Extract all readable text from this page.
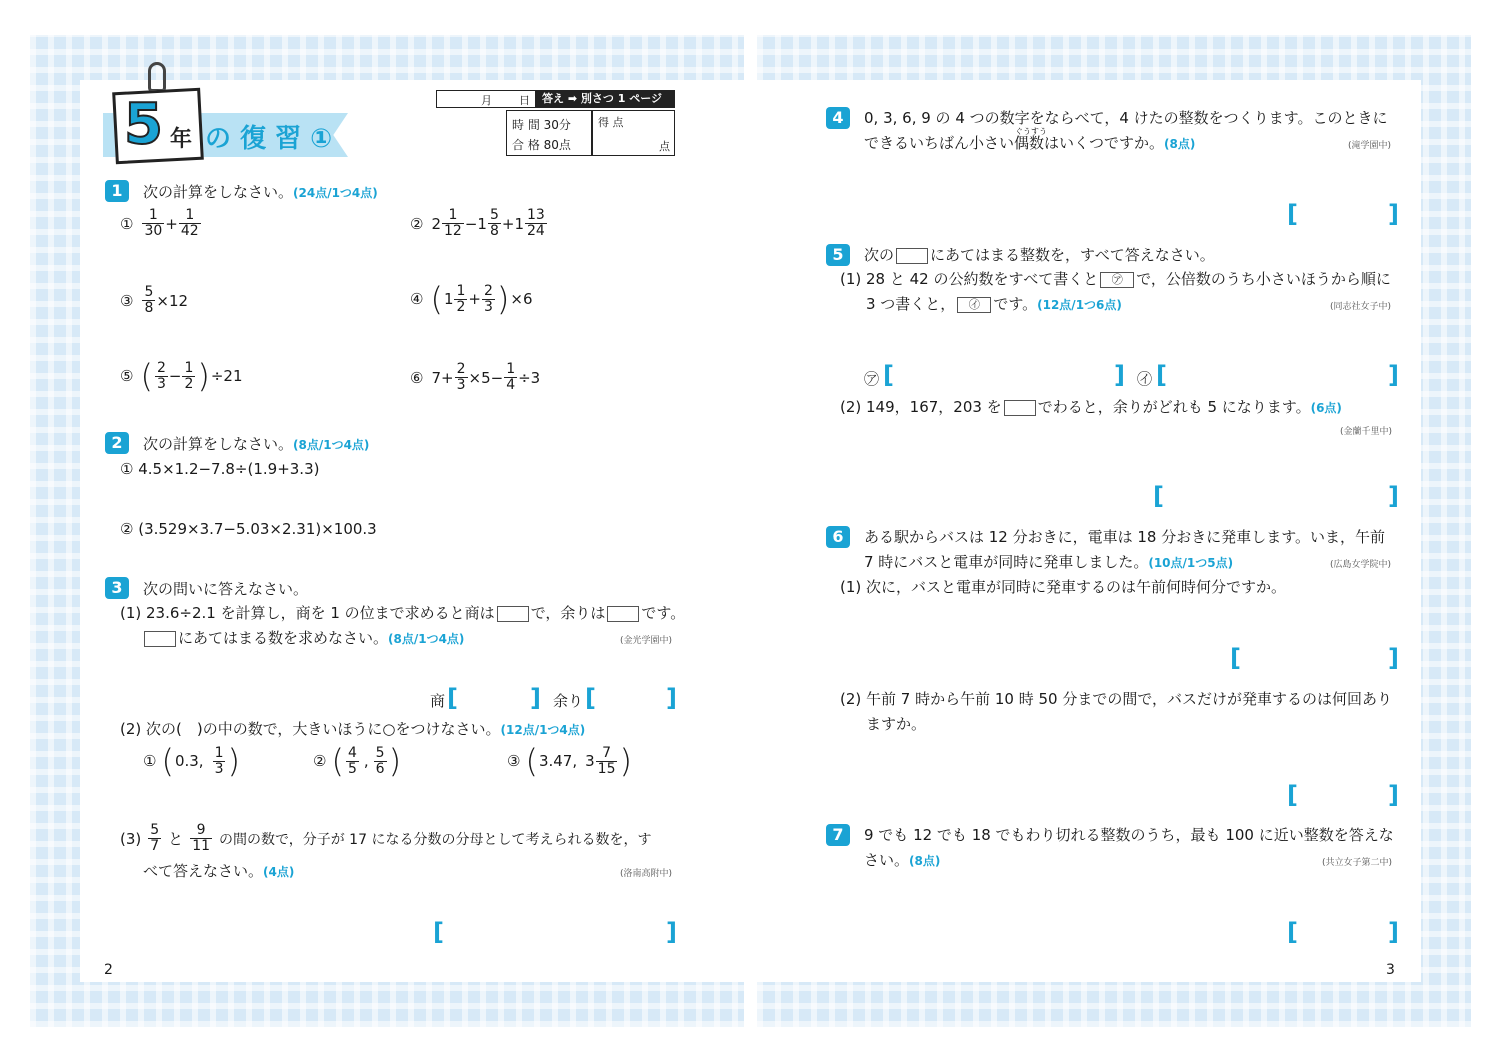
の 復 習 ①
5 年
月 日	答え ➡ 別さつ 1 ページ
時 間 30分
合 格 80点
得 点
点
1	次の計算をしなさい。(24点/1つ4点)
① $\frac{1}{30} + \frac{1}{42}$	② $2 \frac{1}{12} - 1 \frac{5}{8} + 1 \frac{13}{24}$
③ $\frac{5}{8} \times 12$	④ ( $1 \frac{1}{2} + \frac{2}{3}$ ) ×6
⑤ ( $\frac{2}{3} - \frac{1}{2}$ ) ÷21	⑥ $7+ \frac{2}{3} \times 5- \frac{1}{4} \div 3$
2	次の計算をしなさい。(8点/1つ4点)
① 4.5×1.2−7.8÷(1.9+3.3)
② (3.529×3.7−5.03×2.31)×100.3
3	次の問いに答えなさい。
(1) 23.6÷2.1 を計算し，商を 1 の位まで求めると商は で，余りは です。
にあてはまる数を求めなさい。(8点/1つ4点)	(金光学園中)
商 [	] 余り [	]
(2) 次の(　)の中の数で，大きいほうに○をつけなさい。(12点/1つ4点)
① ( 0.3, $\frac{1}{3}$ )	② ( $\frac{4}{5}$ , $\frac{5}{6}$ )	③ ( 3.47, $3 \frac{7}{15}$ )
$(3) \frac{5}{7}$ と $\frac{9}{11}$ の間の数で，分子が 17 になる分数の分母として考えられる数を，す
べて答えなさい。(4点)	(洛南高附中)
[	]
2
4	0, 3, 6, 9 の 4 つの数字をならべて，4 けたの整数をつくります。このときに
ぐうすう
できるいちばん小さい偶数はいくつですか。(8点)	(滝学園中)
[	]
5	次の にあてはまる整数を，すべて答えなさい。
(1) 28 と 42 の公約数をすべて書くと ㋐ で，公倍数のうち小さいほうから順に
3 つ書くと， ㋑ です。(12点/1つ6点)	(同志社女子中)
㋐ [	] ㋑ [	]
(2) 149，167，203 を でわると，余りがどれも 5 になります。(6点)
(金蘭千里中)
[	]
6	ある駅からバスは 12 分おきに，電車は 18 分おきに発車します。いま，午前
7 時にバスと電車が同時に発車しました。(10点/1つ5点)	(広島女学院中)
(1) 次に，バスと電車が同時に発車するのは午前何時何分ですか。
[	]
(2) 午前 7 時から午前 10 時 50 分までの間で，バスだけが発車するのは何回あり
ますか。
[	]
7	9 でも 12 でも 18 でもわり切れる整数のうち，最も 100 に近い整数を答えな
さい。(8点)	(共立女子第二中)
[	]
3
